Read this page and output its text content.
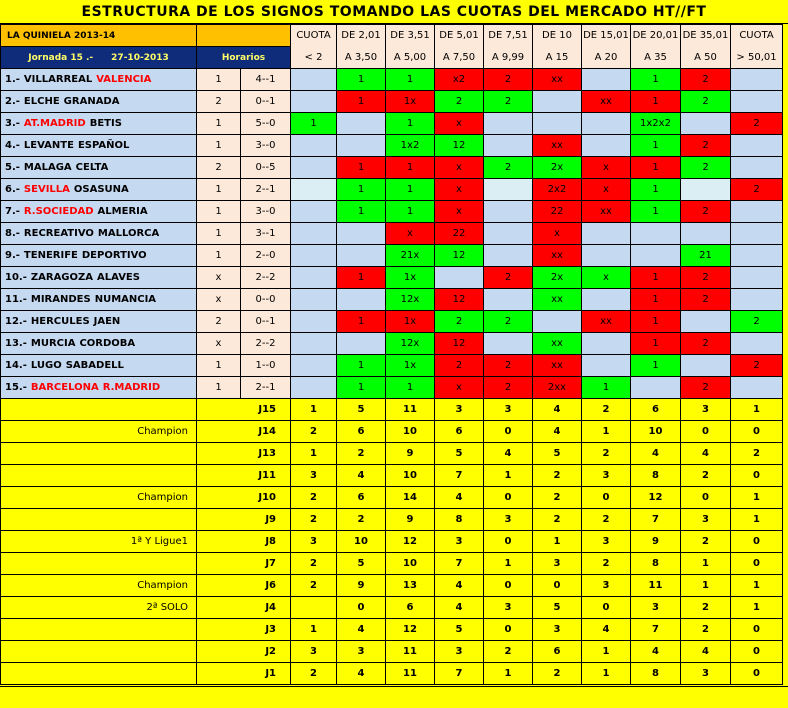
ESTRUCTURA DE LOS SIGNOS TOMANDO LAS CUOTAS DEL MERCADO HT//FT
LA QUINIELA 2013-14			CUOTA	DE 2,01	DE 3,51	DE 5,01	DE 7,51	DE 10	DE 15,01	DE 20,01	DE 35,01	CUOTA
Jornada 15 .- 27-10-2013	Horarios		< 2	A 3,50	A 5,00	A 7,50	A 9,99	A 15	A 20	A 35	A 50	> 50,01
1.- VILLARREAL VALENCIA	1	4--1		1	1	x2	2	xx		1	2	
2.- ELCHE GRANADA	2	0--1		1	1x	2	2		xx	1	2	
3.- AT.MADRID BETIS	1	5--0	1		1	x				1x2x2		2
4.- LEVANTE ESPAÑOL	1	3--0			1x2	12		xx		1	2	
5.- MALAGA CELTA	2	0--5		1	1	x	2	2x	x	1	2	
6.- SEVILLA OSASUNA	1	2--1		1	1	x		2x2	x	1		2
7.- R.SOCIEDAD ALMERIA	1	3--0		1	1	x		22	xx	1	2	
8.- RECREATIVO MALLORCA	1	3--1			x	22		x				
9.- TENERIFE DEPORTIVO	1	2--0			21x	12		xx			21	
10.- ZARAGOZA ALAVES	x	2--2		1	1x		2	2x	x	1	2	
11.- MIRANDES NUMANCIA	x	0--0			12x	12		xx		1	2	
12.- HERCULES JAEN	2	0--1		1	1x	2	2		xx	1		2
13.- MURCIA CORDOBA	x	2--2			12x	12		xx		1	2	
14.- LUGO SABADELL	1	1--0		1	1x	2	2	xx		1		2
15.- BARCELONA R.MADRID	1	2--1		1	1	x	2	2xx	1		2	
	J15		1	5	11	3	3	4	2	6	3	1
Champion	J14		2	6	10	6	0	4	1	10	0	0
	J13		1	2	9	5	4	5	2	4	4	2
	J11		3	4	10	7	1	2	3	8	2	0
Champion	J10		2	6	14	4	0	2	0	12	0	1
	J9		2	2	9	8	3	2	2	7	3	1
1ª Y Ligue1	J8		3	10	12	3	0	1	3	9	2	0
	J7		2	5	10	7	1	3	2	8	1	0
Champion	J6		2	9	13	4	0	0	3	11	1	1
2ª SOLO	J4			0	6	4	3	5	0	3	2	1
	J3		1	4	12	5	0	3	4	7	2	0
	J2		3	3	11	3	2	6	1	4	4	0
	J1		2	4	11	7	1	2	1	8	3	0
